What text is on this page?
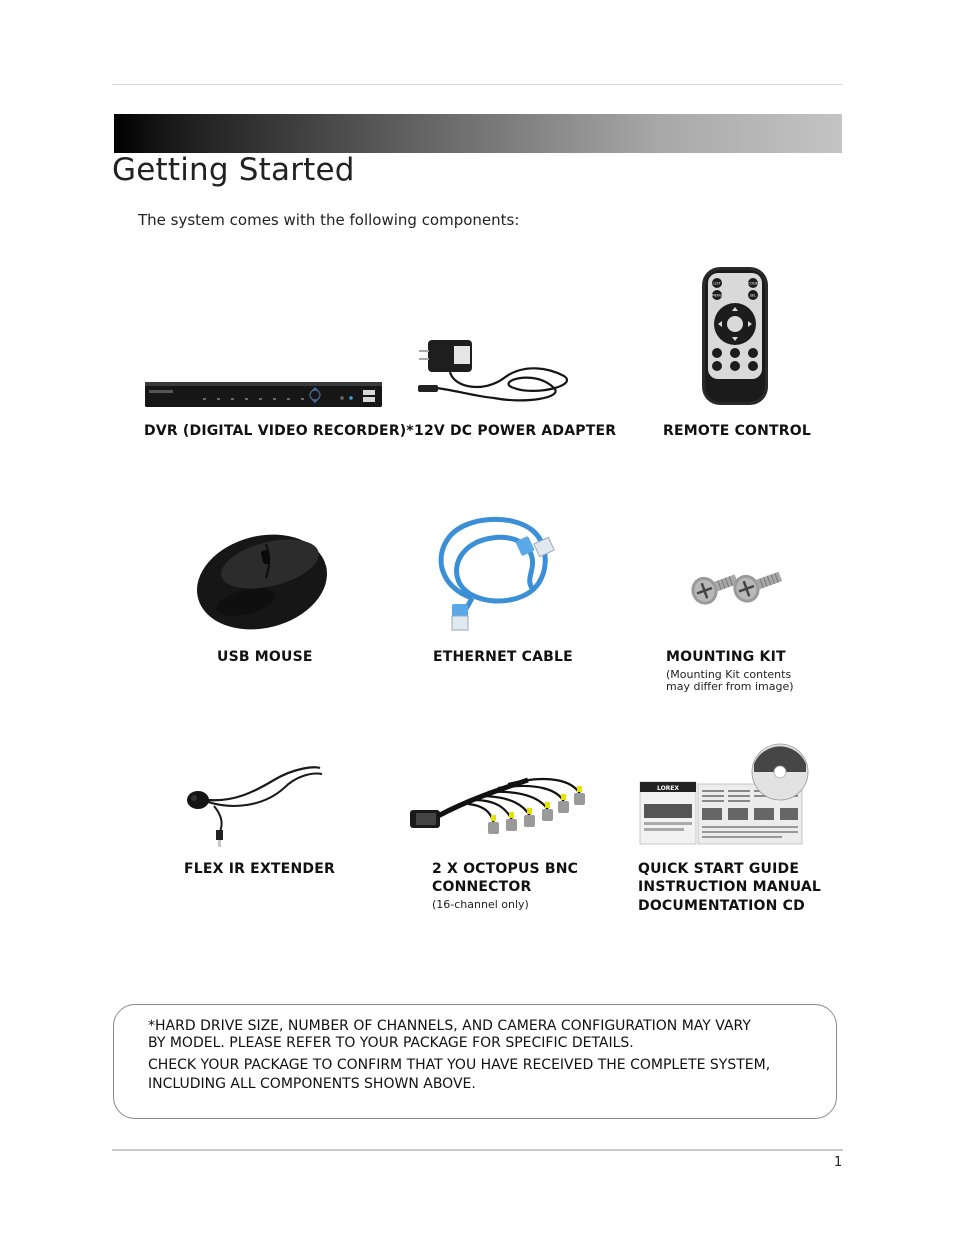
Getting Started
The system comes with the following components:
LIST	CODE
MENU	SEL
LOREX
DVR (DIGITAL VIDEO RECORDER)* 12V DC POWER ADAPTER	REMOTE CONTROL
USB MOUSE	ETHERNET CABLE	MOUNTING KIT
(Mounting Kit contents
may differ from image)
FLEX IR EXTENDER	2 X OCTOPUS BNC
CONNECTOR
(16-channel only)
QUICK START GUIDE
INSTRUCTION MANUAL
DOCUMENTATION CD
*HARD DRIVE SIZE, NUMBER OF CHANNELS, AND CAMERA CONFIGURATION MAY VARY
BY MODEL. PLEASE REFER TO YOUR PACKAGE FOR SPECIFIC DETAILS.
CHECK YOUR PACKAGE TO CONFIRM THAT YOU HAVE RECEIVED THE COMPLETE SYSTEM,
INCLUDING ALL COMPONENTS SHOWN ABOVE.
1
